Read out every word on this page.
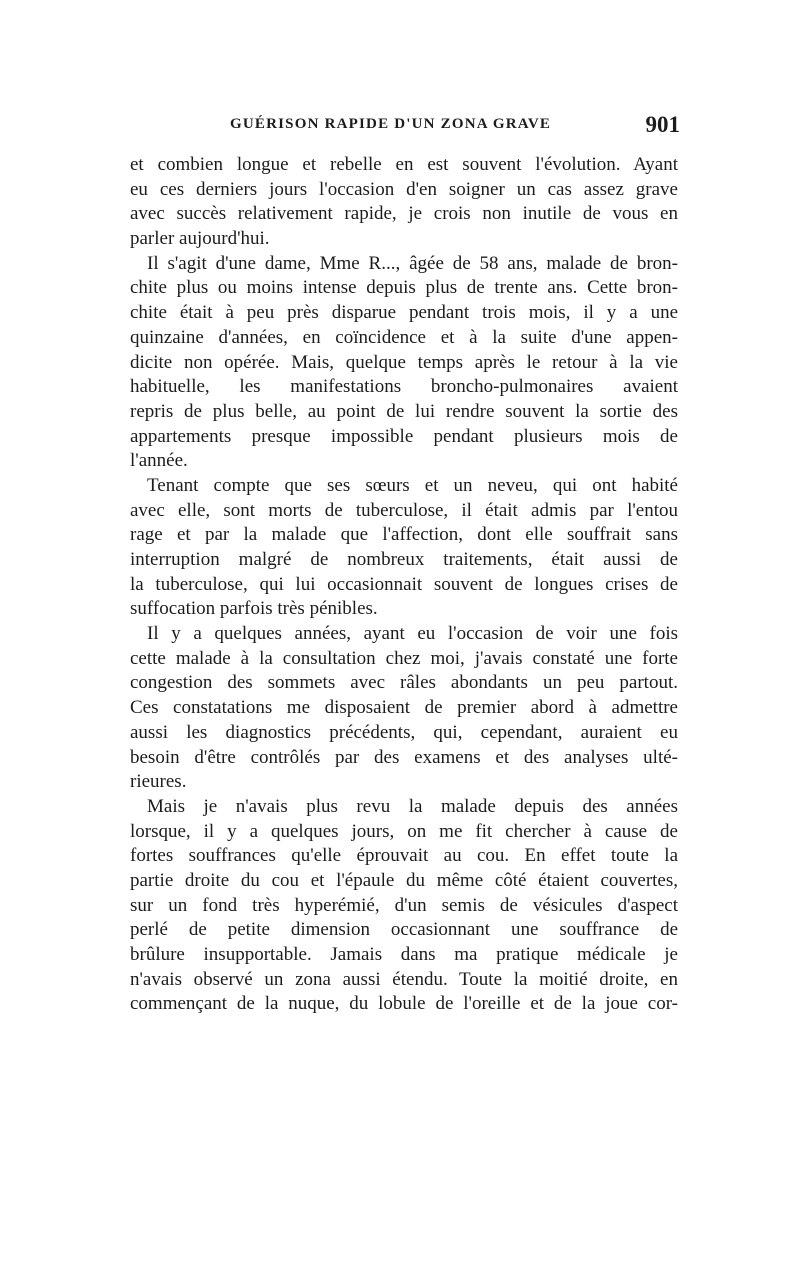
GUÉRISON RAPIDE D'UN ZONA GRAVE	901
et combien longue et rebelle en est souvent l'évolution. Ayant
eu ces derniers jours l'occasion d'en soigner un cas assez grave
avec succès relativement rapide, je crois non inutile de vous en
parler aujourd'hui.
Il s'agit d'une dame, Mme R..., âgée de 58 ans, malade de bron-
chite plus ou moins intense depuis plus de trente ans. Cette bron-
chite était à peu près disparue pendant trois mois, il y a une
quinzaine d'années, en coïncidence et à la suite d'une appen-
dicite non opérée. Mais, quelque temps après le retour à la vie
habituelle, les manifestations broncho-pulmonaires avaient
repris de plus belle, au point de lui rendre souvent la sortie des
appartements presque impossible pendant plusieurs mois de
l'année.
Tenant compte que ses sœurs et un neveu, qui ont habité
avec elle, sont morts de tuberculose, il était admis par l'entou
rage et par la malade que l'affection, dont elle souffrait sans
interruption malgré de nombreux traitements, était aussi de
la tuberculose, qui lui occasionnait souvent de longues crises de
suffocation parfois très pénibles.
Il y a quelques années, ayant eu l'occasion de voir une fois
cette malade à la consultation chez moi, j'avais constaté une forte
congestion des sommets avec râles abondants un peu partout.
Ces constatations me disposaient de premier abord à admettre
aussi les diagnostics précédents, qui, cependant, auraient eu
besoin d'être contrôlés par des examens et des analyses ulté-
rieures.
Mais je n'avais plus revu la malade depuis des années
lorsque, il y a quelques jours, on me fit chercher à cause de
fortes souffrances qu'elle éprouvait au cou. En effet toute la
partie droite du cou et l'épaule du même côté étaient couvertes,
sur un fond très hyperémié, d'un semis de vésicules d'aspect
perlé de petite dimension occasionnant une souffrance de
brûlure insupportable. Jamais dans ma pratique médicale je
n'avais observé un zona aussi étendu. Toute la moitié droite, en
commençant de la nuque, du lobule de l'oreille et de la joue cor-
